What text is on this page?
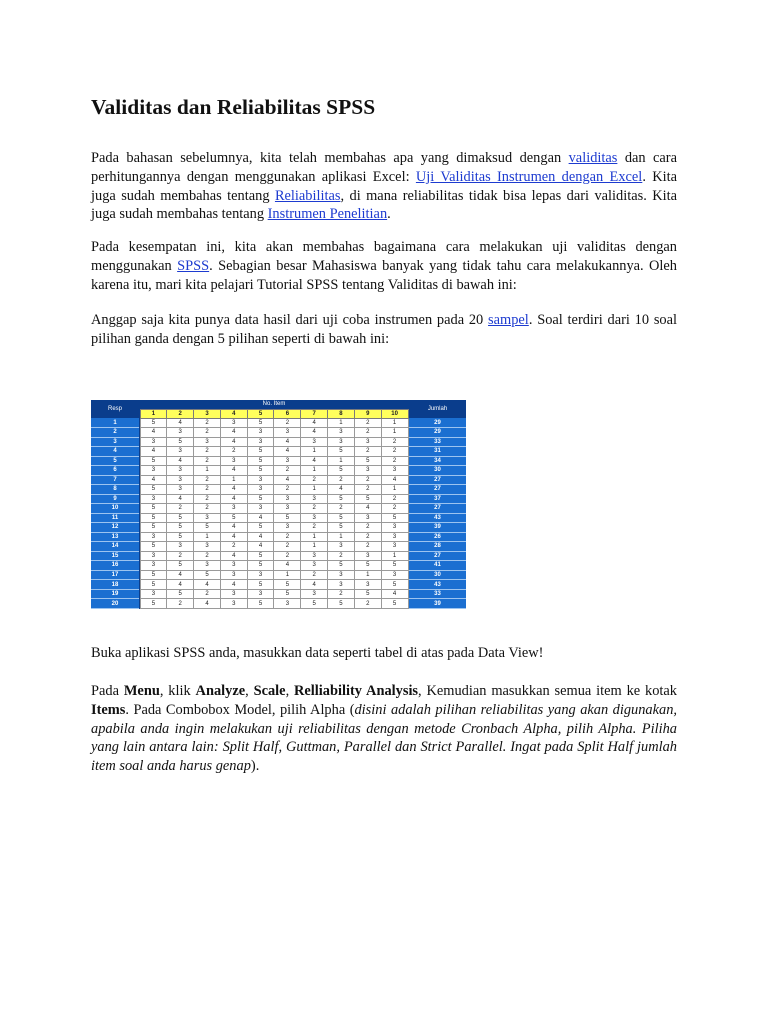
Validitas dan Reliabilitas SPSS

Pada bahasan sebelumnya, kita telah membahas apa yang dimaksud dengan validitas dan cara perhitungannya dengan menggunakan aplikasi Excel: Uji Validitas Instrumen dengan Excel. Kita juga sudah membahas tentang Reliabilitas, di mana reliabilitas tidak bisa lepas dari validitas. Kita juga sudah membahas tentang Instrumen Penelitian.

Pada kesempatan ini, kita akan membahas bagaimana cara melakukan uji validitas dengan menggunakan SPSS. Sebagian besar Mahasiswa banyak yang tidak tahu cara melakukannya. Oleh karena itu, mari kita pelajari Tutorial SPSS tentang Validitas di bawah ini:

Anggap saja kita punya data hasil dari uji coba instrumen pada 20 sampel. Soal terdiri dari 10 soal pilihan ganda dengan 5 pilihan seperti di bawah ini:

Resp		No. Item										Jumlah
	1	2	3	4	5	6	7	8	9	10	
1		5	4	2	3	5	2	4	1	2	1		29
2		4	3	2	4	3	3	4	3	2	1		29
3		3	5	3	4	3	4	3	3	3	2		33
4		4	3	2	2	5	4	1	5	2	2		31
5		5	4	2	3	5	3	4	1	5	2		34
6		3	3	1	4	5	2	1	5	3	3		30
7		4	3	2	1	3	4	2	2	2	4		27
8		5	3	2	4	3	2	1	4	2	1		27
9		3	4	2	4	5	3	3	5	5	2		37
10		5	2	2	3	3	3	2	2	4	2		27
11		5	5	3	5	4	5	3	5	3	5		43
12		5	5	5	4	5	3	2	5	2	3		39
13		3	5	1	4	4	2	1	1	2	3		26
14		5	3	3	2	4	2	1	3	2	3		28
15		3	2	2	4	5	2	3	2	3	1		27
16		3	5	3	3	5	4	3	5	5	5		41
17		5	4	5	3	3	1	2	3	1	3		30
18		5	4	4	4	5	5	4	3	3	5		43
19		3	5	2	3	3	5	3	2	5	4		33
20		5	2	4	3	5	3	5	5	2	5		39

Buka aplikasi SPSS anda, masukkan data seperti tabel di atas pada Data View!

Pada Menu, klik Analyze, Scale, Relliability Analysis, Kemudian masukkan semua item ke kotak Items. Pada Combobox Model, pilih Alpha (disini adalah pilihan reliabilitas yang akan digunakan, apabila anda ingin melakukan uji reliabilitas dengan metode Cronbach Alpha, pilih Alpha. Piliha yang lain antara lain: Split Half, Guttman, Parallel dan Strict Parallel. Ingat pada Split Half jumlah item soal anda harus genap).
